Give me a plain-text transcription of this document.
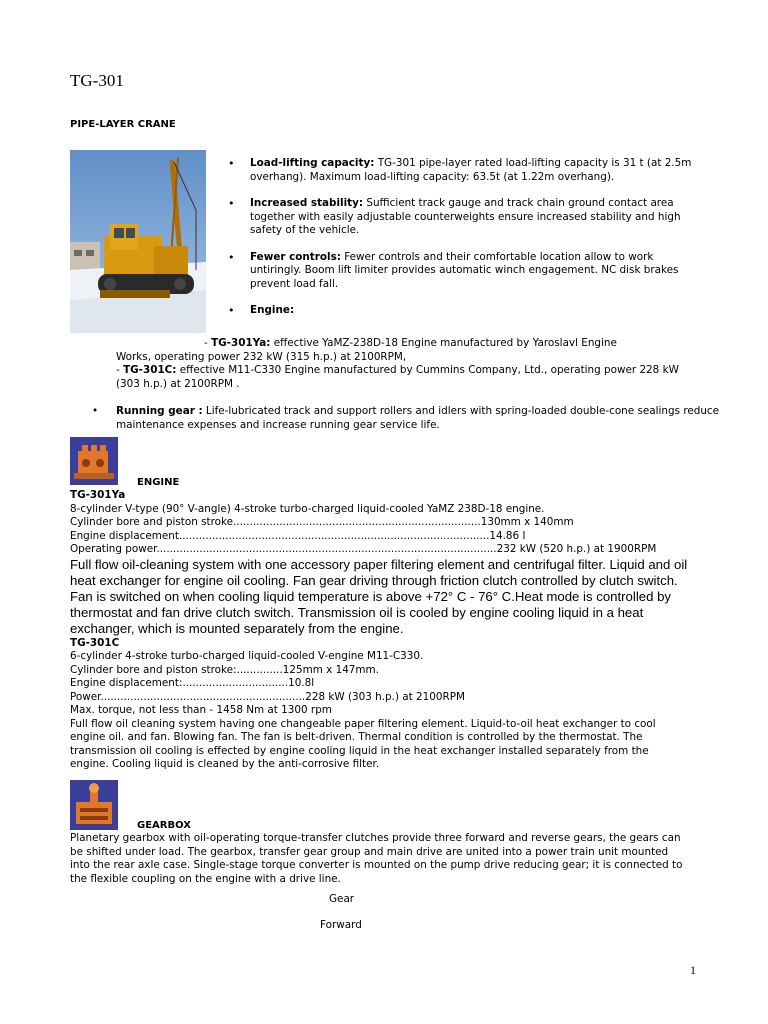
TG-301
PIPE-LAYER CRANE
• Load-lifting capacity: TG-301 pipe-layer rated load-lifting capacity is 31 t (at 2.5m overhang). Maximum load-lifting capacity: 63.5t (at 1.22m overhang).
• Increased stability: Sufficient track gauge and track chain ground contact area together with easily adjustable counterweights ensure increased stability and high safety of the vehicle.
• Fewer controls: Fewer controls and their comfortable location allow to work untiringly. Boom lift limiter provides automatic winch engagement. NC disk brakes prevent load fall.
• Engine:
- TG-301Ya: effective YaMZ-238D-18 Engine manufactured by Yaroslavl Engine
Works, operating power 232 kW (315 h.p.) at 2100RPM,
- TG-301C: effective M11-C330 Engine manufactured by Cummins Company, Ltd., operating power 228 kW (303 h.p.) at 2100RPM .
• Running gear : Life-lubricated track and support rollers and idlers with spring-loaded double-cone sealings reduce maintenance expenses and increase running gear service life.
ENGINE
TG-301Ya
8-cylinder V-type (90° V-angle) 4-stroke turbo-charged liquid-cooled YaMZ 238D-18 engine.
Cylinder bore and piston stroke...........................................................................130mm x 140mm
Engine displacement..............................................................................................14.86 l
Operating power.......................................................................................................232 kW (520 h.p.) at 1900RPM
Full flow oil-cleaning system with one accessory paper filtering element and centrifugal filter. Liquid and oil heat exchanger for engine oil cooling. Fan gear driving through friction clutch controlled by clutch switch. Fan is switched on when cooling liquid temperature is above +72° C - 76° C.Heat mode is controlled by thermostat and fan drive clutch switch. Transmission oil is cooled by engine cooling liquid in a heat exchanger, which is mounted separately from the engine.
TG-301C
6-cylinder 4-stroke turbo-charged liquid-cooled V-engine M11-C330.
Cylinder bore and piston stroke:..............125mm x 147mm.
Engine displacement:................................10.8l
Power..............................................................228 kW (303 h.p.) at 2100RPM
Max. torque, not less than - 1458 Nm at 1300 rpm
Full flow oil cleaning system having one changeable paper filtering element. Liquid-to-oil heat exchanger to cool engine oil. and fan. Blowing fan. The fan is belt-driven. Thermal condition is controlled by the thermostat. The transmission oil cooling is effected by engine cooling liquid in the heat exchanger installed separately from the engine. Cooling liquid is cleaned by the anti-corrosive filter.
GEARBOX
Planetary gearbox with oil-operating torque-transfer clutches provide three forward and reverse gears, the gears can be shifted under load. The gearbox, transfer gear group and main drive are united into a power train unit mounted into the rear axle case. Single-stage torque converter is mounted on the pump drive reducing gear; it is connected to the flexible coupling on the engine with a drive line.
Gear
Forward
1
